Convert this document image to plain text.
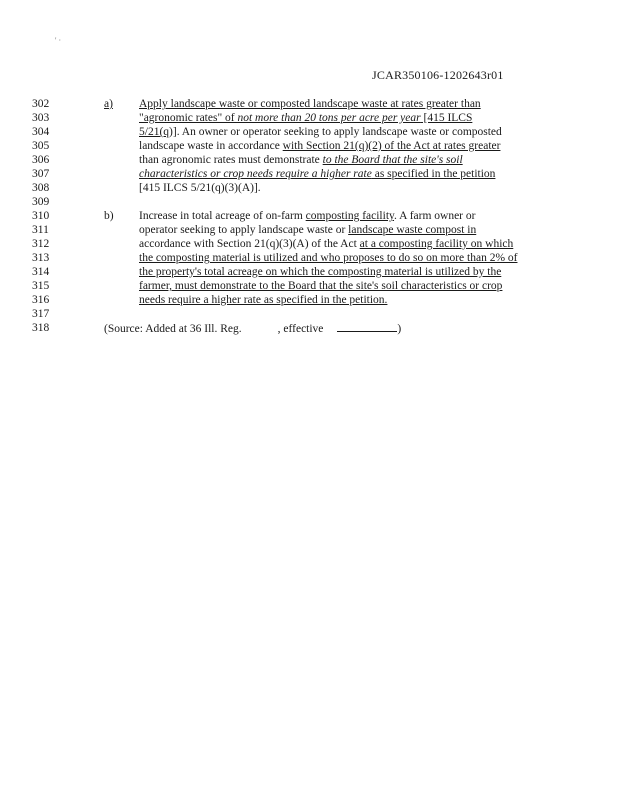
' ·
JCAR350106-1202643r01
302
303
304
305
306
307
308
309
310
311
312
313
314
315
316
317
318
a) Apply landscape waste or composted landscape waste at rates greater than
"agronomic rates" of not more than 20 tons per acre per year [415 ILCS
5/21(q)]. An owner or operator seeking to apply landscape waste or composted
landscape waste in accordance with Section 21(q)(2) of the Act at rates greater
than agronomic rates must demonstrate to the Board that the site's soil
characteristics or crop needs require a higher rate as specified in the petition
[415 ILCS 5/21(q)(3)(A)].
b) Increase in total acreage of on-farm composting facility. A farm owner or
operator seeking to apply landscape waste or landscape waste compost in
accordance with Section 21(q)(3)(A) of the Act at a composting facility on which
the composting material is utilized and who proposes to do so on more than 2% of
the property's total acreage on which the composting material is utilized by the
farmer, must demonstrate to the Board that the site's soil characteristics or crop
needs require a higher rate as specified in the petition.
(Source: Added at 36 Ill. Reg.	, effective	)
